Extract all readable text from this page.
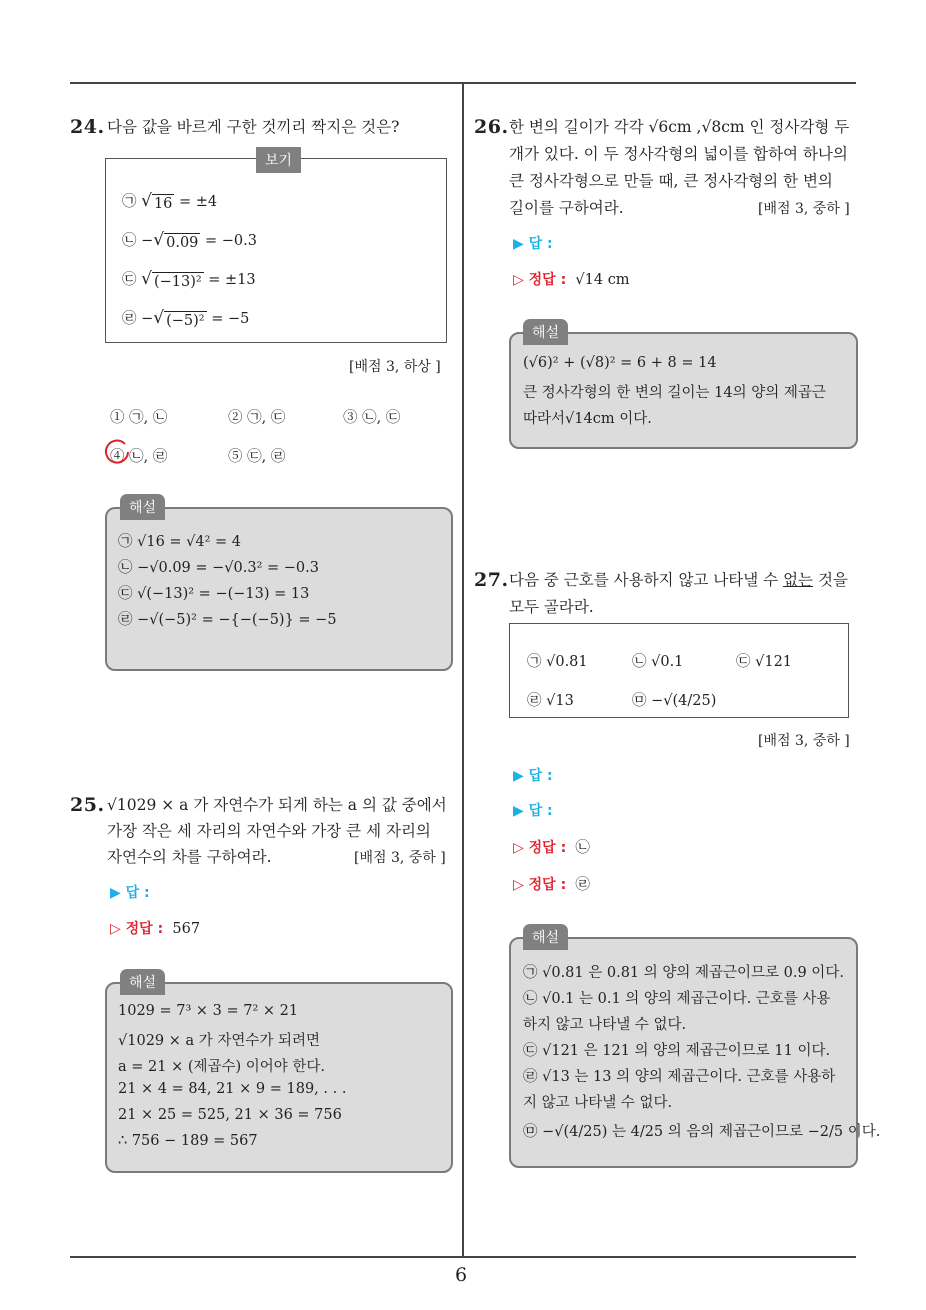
6
24. 다음 값을 바르게 구한 것끼리 짝지은 것은?
보기
㉠ √ 16 = ±4
㉡ − √ 0.09 = −0.3
㉢ √ (−13)² = ±13
㉣ − √ (−5)² = −5
[배점 3, 하상 ]
① ㉠, ㉡	② ㉠, ㉢	③ ㉡, ㉢
④ ㉡, ㉣	⑤ ㉢, ㉣
해설
㉠ √16 = √4² = 4
㉡ −√0.09 = −√0.3² = −0.3
㉢ √(−13)² = −(−13) = 13
㉣ −√(−5)² = −{−(−5)} = −5
25. √1029 × a 가 자연수가 되게 하는 a 의 값 중에서
가장 작은 세 자리의 자연수와 가장 큰 세 자리의
자연수의 차를 구하여라.	[배점 3, 중하 ]
▶ 답 :
▷ 정답 : 567
해설
1029 = 7³ × 3 = 7² × 21
√1029 × a 가 자연수가 되려면
a = 21 × (제곱수) 이어야 한다.
21 × 4 = 84, 21 × 9 = 189, . . .
21 × 25 = 525, 21 × 36 = 756
∴ 756 − 189 = 567
26. 한 변의 길이가 각각 √6cm ,√8cm 인 정사각형 두
개가 있다. 이 두 정사각형의 넓이를 합하여 하나의
큰 정사각형으로 만들 때, 큰 정사각형의 한 변의
길이를 구하여라.	[배점 3, 중하 ]
▶ 답 :
▷ 정답 : √14 cm
해설
(√6)² + (√8)² = 6 + 8 = 14
큰 정사각형의 한 변의 길이는 14의 양의 제곱근
따라서√14cm 이다.
27. 다음 중 근호를 사용하지 않고 나타낼 수 없는 것을
모두 골라라.
㉠ √0.81	㉡ √0.1	㉢ √121
㉣ √13	㉤ −√(4/25)
[배점 3, 중하 ]
▶ 답 :
▶ 답 :
▷ 정답 : ㉡
▷ 정답 : ㉣
해설
㉠ √0.81 은 0.81 의 양의 제곱근이므로 0.9 이다.
㉡ √0.1 는 0.1 의 양의 제곱근이다. 근호를 사용
하지 않고 나타낼 수 없다.
㉢ √121 은 121 의 양의 제곱근이므로 11 이다.
㉣ √13 는 13 의 양의 제곱근이다. 근호를 사용하
지 않고 나타낼 수 없다.
㉤ −√(4/25) 는 4/25 의 음의 제곱근이므로 −2/5 이다.
